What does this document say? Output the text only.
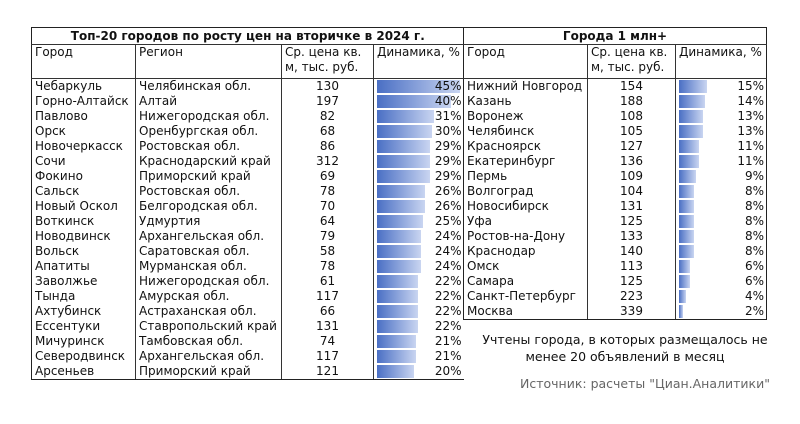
Топ-20 городов по росту цен на вторичке в 2024 г.			
Город	Регион	Ср. цена кв. м, тыс. руб.	Динамика, %
Чебаркуль	Челябинская обл.	130	45%
Горно-Алтайск	Алтай	197	40%
Павлово	Нижегородская обл.	82	31%
Орск	Оренбургская обл.	68	30%
Новочеркасск	Ростовская обл.	86	29%
Сочи	Краснодарский край	312	29%
Фокино	Приморский край	69	29%
Сальск	Ростовская обл.	78	26%
Новый Оскол	Белгородская обл.	70	26%
Воткинск	Удмуртия	64	25%
Новодвинск	Архангельская обл.	79	24%
Вольск	Саратовская обл.	58	24%
Апатиты	Мурманская обл.	78	24%
Заволжье	Нижегородская обл.	61	22%
Тында	Амурская обл.	117	22%
Ахтубинск	Астраханская обл.	66	22%
Ессентуки	Ставропольский край	131	22%
Мичуринск	Тамбовская обл.	74	21%
Северодвинск	Архангельская обл.	117	21%
Арсеньев	Приморский край	121	20%
Города 1 млн+		
Город	Ср. цена кв. м, тыс. руб.	Динамика, %
Нижний Новгород	154	15%
Казань	188	14%
Воронеж	108	13%
Челябинск	105	13%
Красноярск	127	11%
Екатеринбург	136	11%
Пермь	109	9%
Волгоград	104	8%
Новосибирск	131	8%
Уфа	125	8%
Ростов-на-Дону	133	8%
Краснодар	140	8%
Омск	113	6%
Самара	125	6%
Санкт-Петербург	223	4%
Москва	339	2%
Учтены города, в которых размещалось не менее 20 объявлений в месяц
Источник: расчеты "Циан.Аналитики"
